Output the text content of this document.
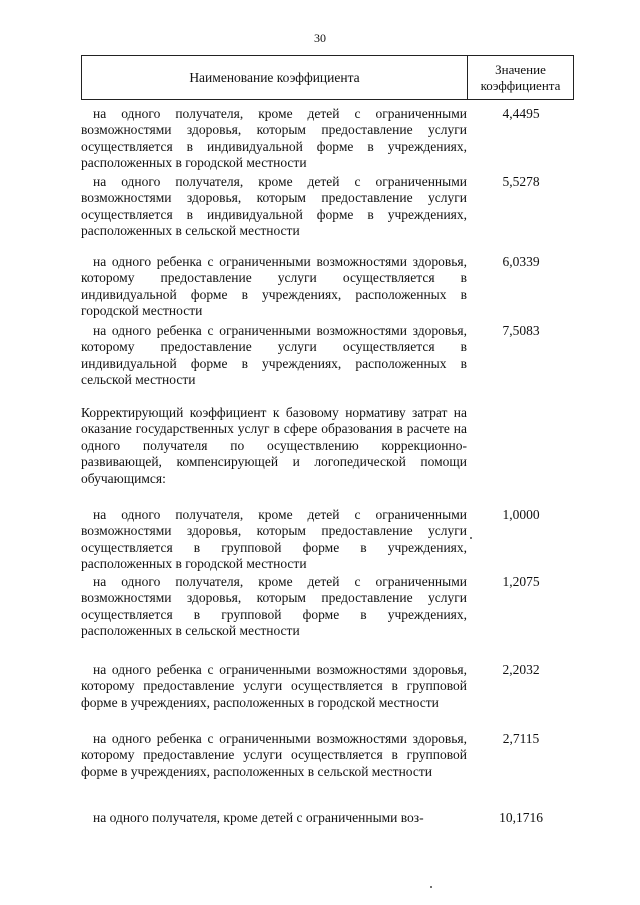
30
Наименование коэффициента
Значение
коэффициента
на одного получателя, кроме детей с ограниченными возможностями здоровья, которым предоставление услуги осуществляется в индивидуальной форме в учреждениях, расположенных в городской местности
4,4495
на одного получателя, кроме детей с ограниченными возможностями здоровья, которым предоставление услуги осуществляется в индивидуальной форме в учреждениях, расположенных в сельской местности
5,5278
на одного ребенка с ограниченными возможностями здоровья, которому предоставление услуги осуществляется в индивидуальной форме в учреждениях, расположенных в городской местности
6,0339
на одного ребенка с ограниченными возможностями здоровья, которому предоставление услуги осуществляется в индивидуальной форме в учреждениях, расположенных в сельской местности
7,5083
Корректирующий коэффициент к базовому нормативу затрат на оказание государственных услуг в сфере образования в расчете на одного получателя по осуществлению коррекционно-развивающей, компенсирующей и логопедической помощи обучающимся:
на одного получателя, кроме детей с ограниченными возможностями здоровья, которым предоставление услуги осуществляется в групповой форме в учреждениях, расположенных в городской местности
1,0000
на одного получателя, кроме детей с ограниченными возможностями здоровья, которым предоставление услуги осуществляется в групповой форме в учреждениях, расположенных в сельской местности
1,2075
на одного ребенка с ограниченными возможностями здоровья, которому предоставление услуги осуществляется в групповой форме в учреждениях, расположенных в городской местности
2,2032
на одного ребенка с ограниченными возможностями здоровья, которому предоставление услуги осуществляется в групповой форме в учреждениях, расположенных в сельской местности
2,7115
на одного получателя, кроме детей с ограниченными воз-	10,1716
